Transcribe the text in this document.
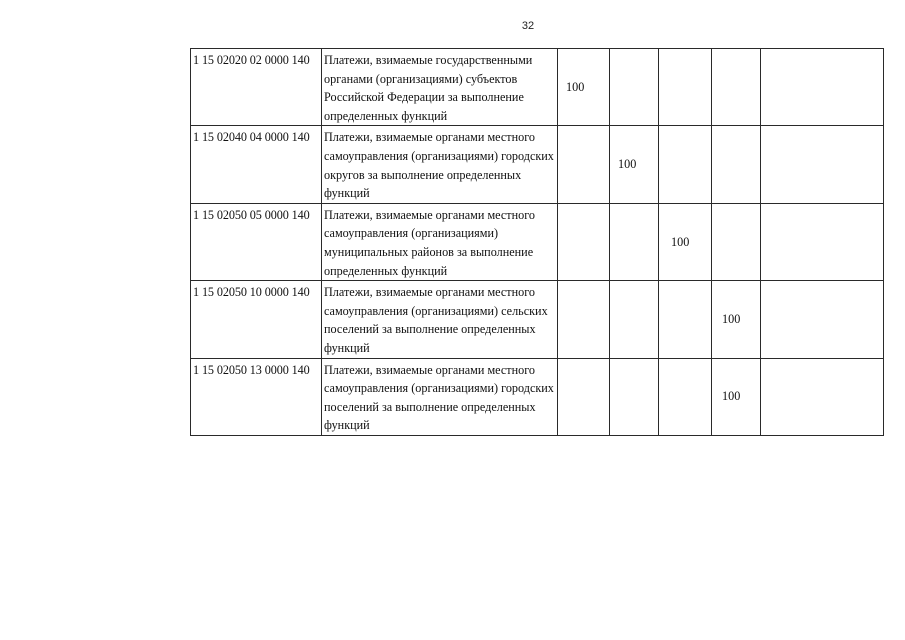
32
1 15 02020 02 0000 140	Платежи, взимаемые государственными органами (организациями) субъектов Российской Федерации за выполнение определенных функций	100				
1 15 02040 04 0000 140	Платежи, взимаемые органами местного самоуправления (организациями) городских округов за выполнение определенных функций		100			
1 15 02050 05 0000 140	Платежи, взимаемые органами местного самоуправления (организациями) муниципальных районов за выполнение определенных функций			100		
1 15 02050 10 0000 140	Платежи, взимаемые органами местного самоуправления (организациями) сельских поселений за выполнение определенных функций				100	
1 15 02050 13 0000 140	Платежи, взимаемые органами местного самоуправления (организациями) городских поселений за выполнение определенных функций				100	
